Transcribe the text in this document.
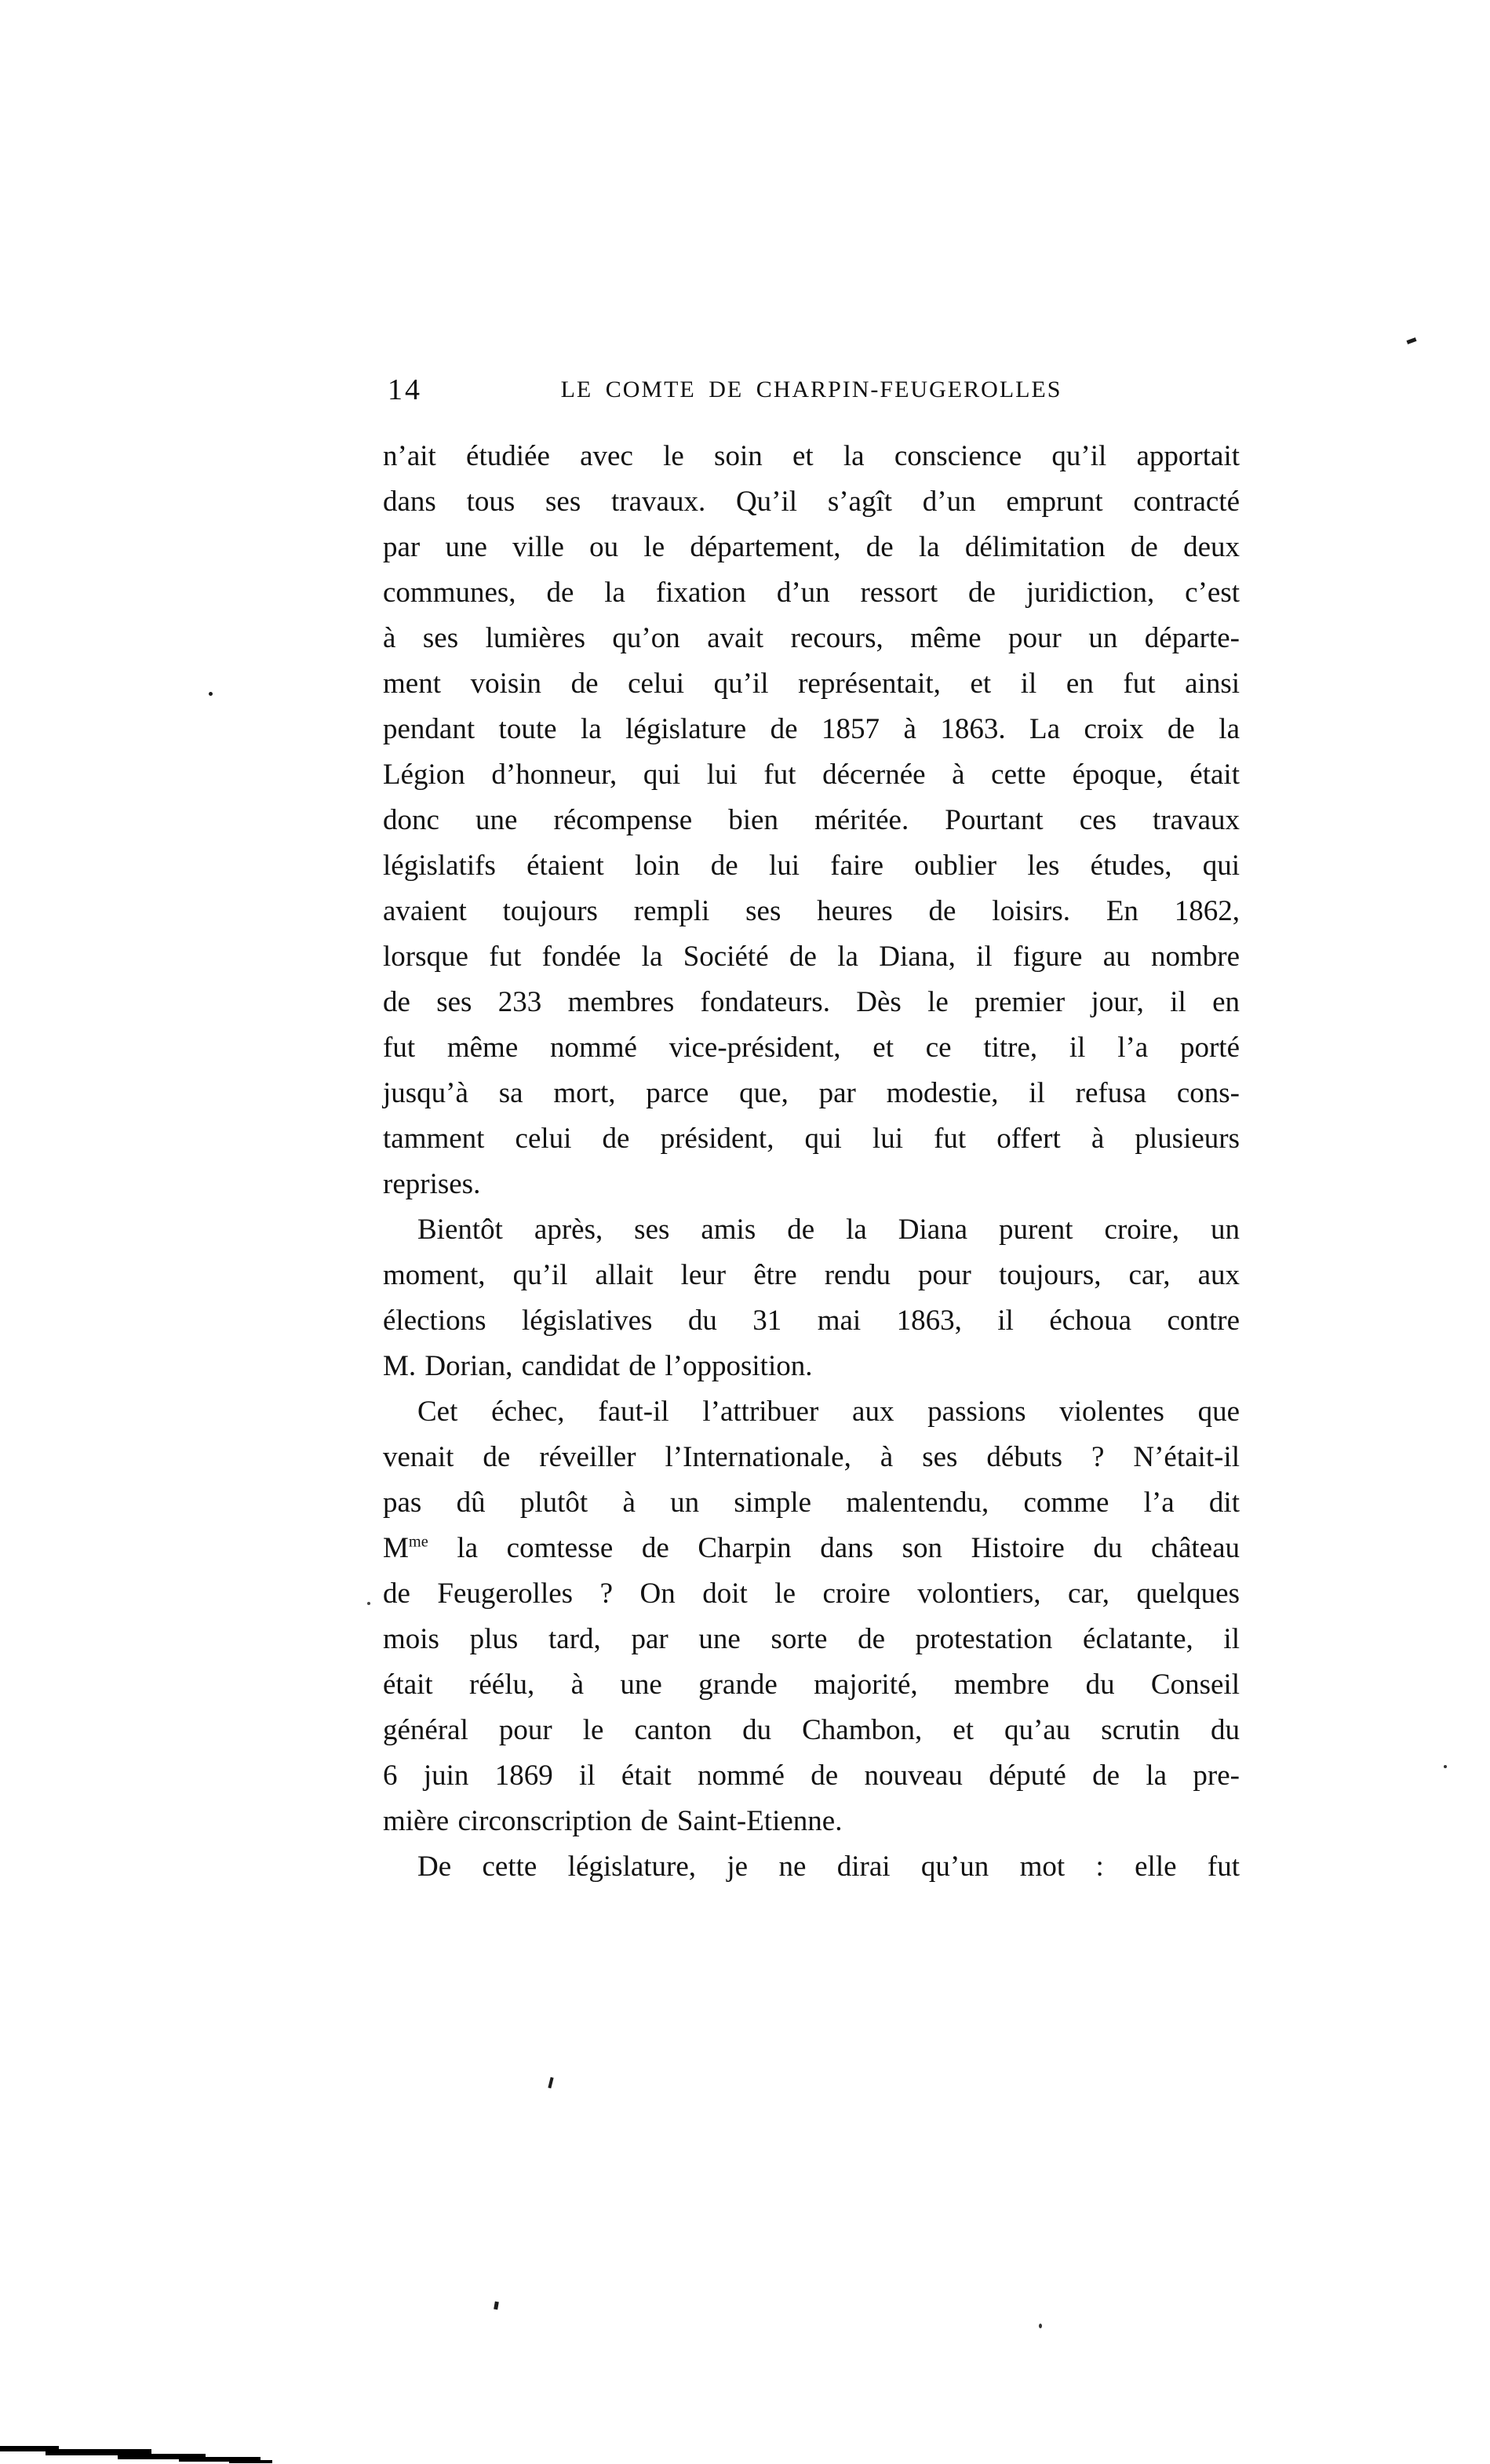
14	LE COMTE DE CHARPIN-FEUGEROLLES
n’ait étudiée avec le soin et la conscience qu’il apportait
dans tous ses travaux. Qu’il s’agît d’un emprunt contracté
par une ville ou le département, de la délimitation de deux
communes, de la fixation d’un ressort de juridiction, c’est
à ses lumières qu’on avait recours, même pour un départe-
ment voisin de celui qu’il représentait, et il en fut ainsi
pendant toute la législature de 1857 à 1863. La croix de la
Légion d’honneur, qui lui fut décernée à cette époque, était
donc une récompense bien méritée. Pourtant ces travaux
législatifs étaient loin de lui faire oublier les études, qui
avaient toujours rempli ses heures de loisirs. En 1862,
lorsque fut fondée la Société de la Diana, il figure au nombre
de ses 233 membres fondateurs. Dès le premier jour, il en
fut même nommé vice-président, et ce titre, il l’a porté
jusqu’à sa mort, parce que, par modestie, il refusa cons-
tamment celui de président, qui lui fut offert à plusieurs
reprises.
Bientôt après, ses amis de la Diana purent croire, un
moment, qu’il allait leur être rendu pour toujours, car, aux
élections législatives du 31 mai 1863, il échoua contre
M. Dorian, candidat de l’opposition.
Cet échec, faut-il l’attribuer aux passions violentes que
venait de réveiller l’Internationale, à ses débuts ? N’était-il
pas dû plutôt à un simple malentendu, comme l’a dit
$M^{me}$ la comtesse de Charpin dans son Histoire du château
de Feugerolles ? On doit le croire volontiers, car, quelques
mois plus tard, par une sorte de protestation éclatante, il
était réélu, à une grande majorité, membre du Conseil
général pour le canton du Chambon, et qu’au scrutin du
6 juin 1869 il était nommé de nouveau député de la pre-
mière circonscription de Saint-Etienne.
De cette législature, je ne dirai qu’un mot : elle fut
